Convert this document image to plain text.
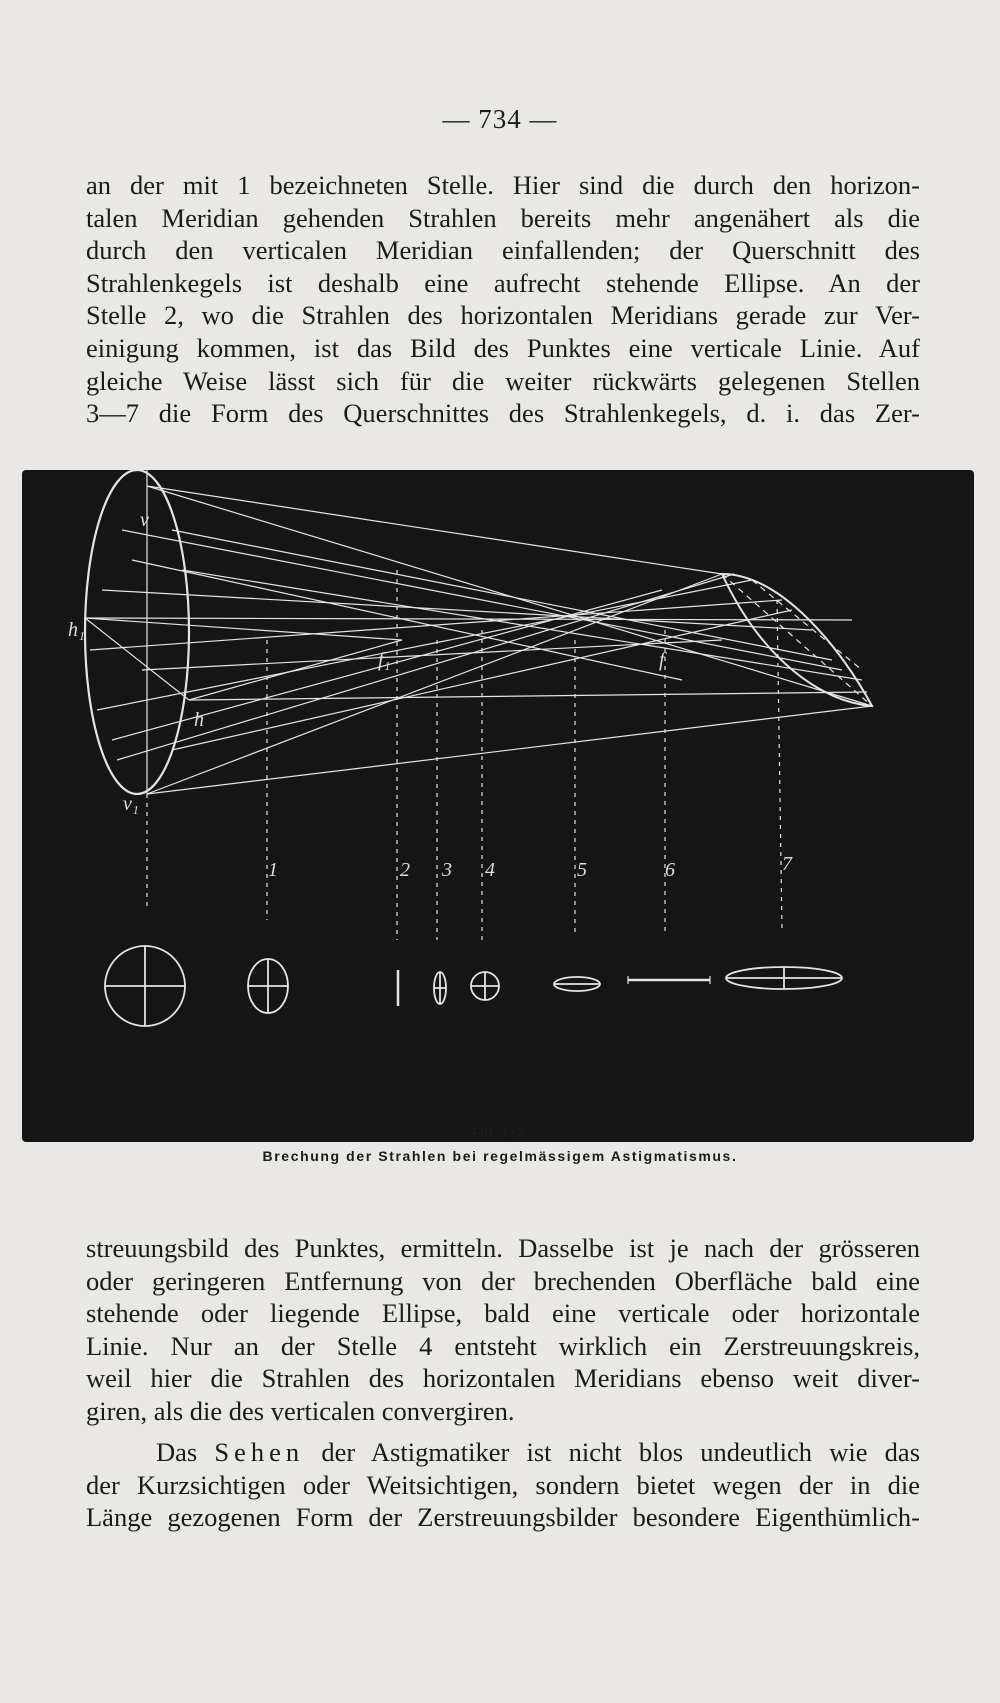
— 734 —
an der mit 1 bezeichneten Stelle. Hier sind die durch den horizon-
talen Meridian gehenden Strahlen bereits mehr angenähert als die
durch den verticalen Meridian einfallenden; der Querschnitt des
Strahlenkegels ist deshalb eine aufrecht stehende Ellipse. An der
Stelle 2, wo die Strahlen des horizontalen Meridians gerade zur Ver-
einigung kommen, ist das Bild des Punktes eine verticale Linie. Auf
gleiche Weise lässt sich für die weiter rückwärts gelegenen Stellen
3—7 die Form des Querschnittes des Strahlenkegels, d. i. das Zer-
v
h₁
h
v₁
f₁	f
1	2 3 4	5	6	7
Fig. 173.
Brechung der Strahlen bei regelmässigem Astigmatismus.
streuungsbild des Punktes, ermitteln. Dasselbe ist je nach der grösseren
oder geringeren Entfernung von der brechenden Oberfläche bald eine
stehende oder liegende Ellipse, bald eine verticale oder horizontale
Linie. Nur an der Stelle 4 entsteht wirklich ein Zerstreuungskreis,
weil hier die Strahlen des horizontalen Meridians ebenso weit diver-
giren, als die des verticalen convergiren.
Das Sehen der Astigmatiker ist nicht blos undeutlich wie das
der Kurzsichtigen oder Weitsichtigen, sondern bietet wegen der in die
Länge gezogenen Form der Zerstreuungsbilder besondere Eigenthümlich-
